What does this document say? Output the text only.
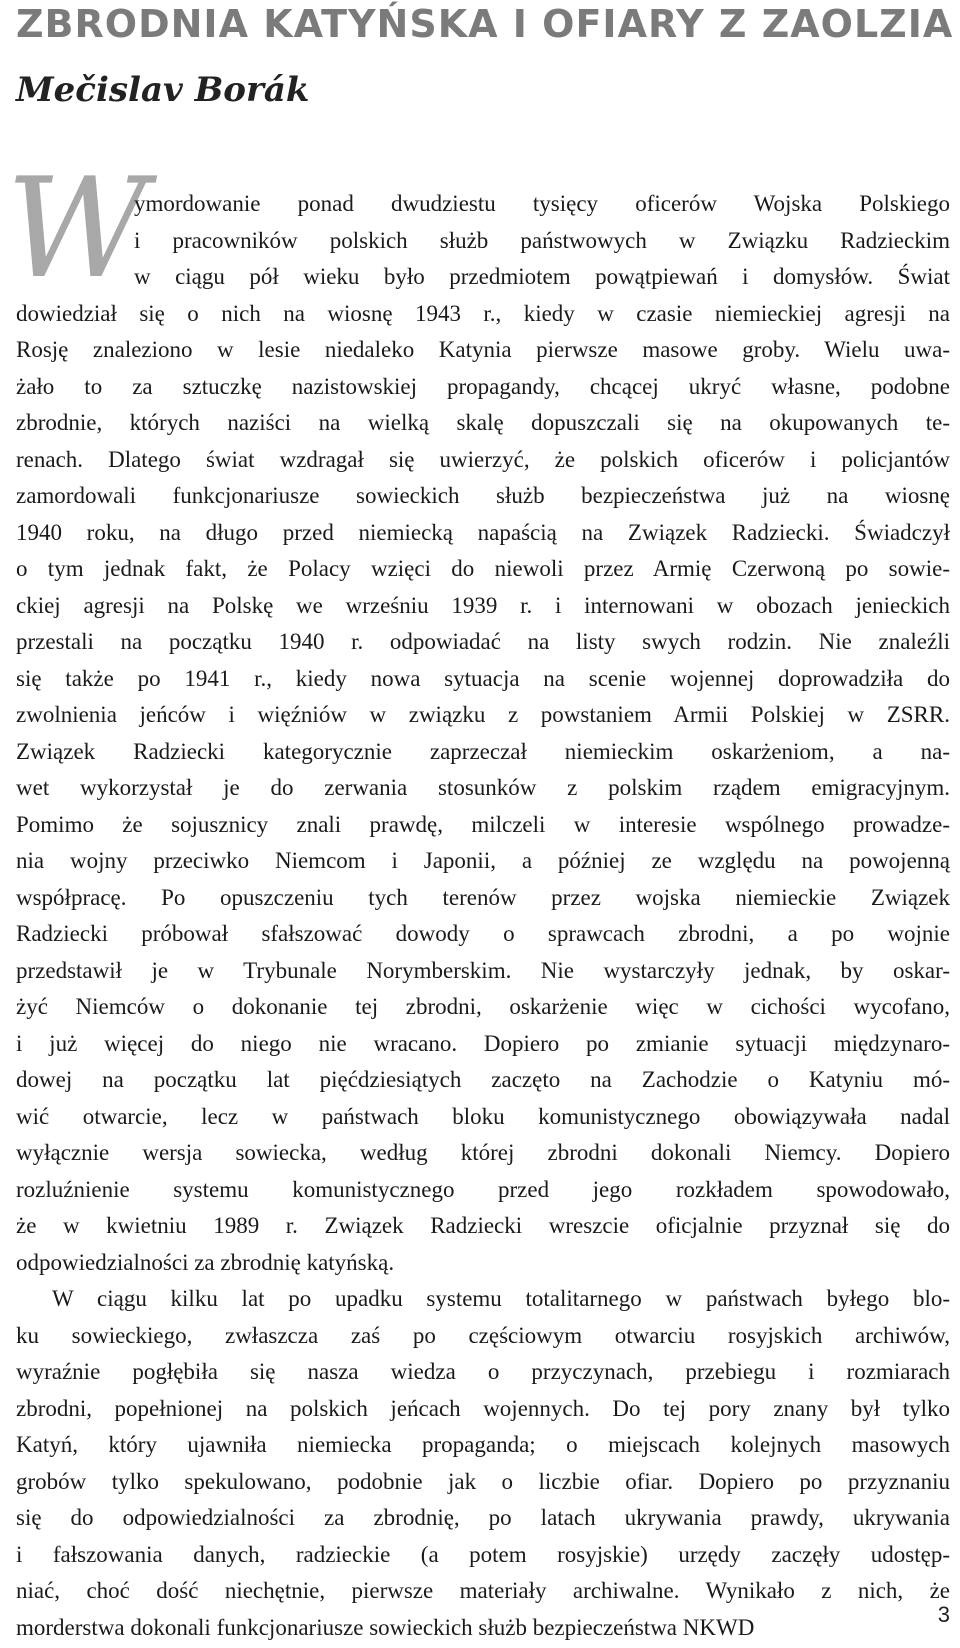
ZBRODNIA KATYŃSKA I OFIARY Z ZAOLZIA
Mečislav Borák
W
ymordowanie ponad dwudziestu tysięcy oficerów Wojska Polskiego
i pracowników polskich służb państwowych w Związku Radzieckim
w ciągu pół wieku było przedmiotem powątpiewań i domysłów. Świat
dowiedział się o nich na wiosnę 1943 r., kiedy w czasie niemieckiej agresji na
Rosję znaleziono w lesie niedaleko Katynia pierwsze masowe groby. Wielu uwa-
żało to za sztuczkę nazistowskiej propagandy, chcącej ukryć własne, podobne
zbrodnie, których naziści na wielką skalę dopuszczali się na okupowanych te-
renach. Dlatego świat wzdragał się uwierzyć, że polskich oficerów i policjantów
zamordowali funkcjonariusze sowieckich służb bezpieczeństwa już na wiosnę
1940 roku, na długo przed niemiecką napaścią na Związek Radziecki. Świadczył
o tym jednak fakt, że Polacy wzięci do niewoli przez Armię Czerwoną po sowie-
ckiej agresji na Polskę we wrześniu 1939 r. i internowani w obozach jenieckich
przestali na początku 1940 r. odpowiadać na listy swych rodzin. Nie znaleźli
się także po 1941 r., kiedy nowa sytuacja na scenie wojennej doprowadziła do
zwolnienia jeńców i więźniów w związku z powstaniem Armii Polskiej w ZSRR.
Związek Radziecki kategorycznie zaprzeczał niemieckim oskarżeniom, a na-
wet wykorzystał je do zerwania stosunków z polskim rządem emigracyjnym.
Pomimo że sojusznicy znali prawdę, milczeli w interesie wspólnego prowadze-
nia wojny przeciwko Niemcom i Japonii, a później ze względu na powojenną
współpracę. Po opuszczeniu tych terenów przez wojska niemieckie Związek
Radziecki próbował sfałszować dowody o sprawcach zbrodni, a po wojnie
przedstawił je w Trybunale Norymberskim. Nie wystarczyły jednak, by oskar-
żyć Niemców o dokonanie tej zbrodni, oskarżenie więc w cichości wycofano,
i już więcej do niego nie wracano. Dopiero po zmianie sytuacji międzynaro-
dowej na początku lat pięćdziesiątych zaczęto na Zachodzie o Katyniu mó-
wić otwarcie, lecz w państwach bloku komunistycznego obowiązywała nadal
wyłącznie wersja sowiecka, według której zbrodni dokonali Niemcy. Dopiero
rozluźnienie systemu komunistycznego przed jego rozkładem spowodowało,
że w kwietniu 1989 r. Związek Radziecki wreszcie oficjalnie przyznał się do
odpowiedzialności za zbrodnię katyńską.
W ciągu kilku lat po upadku systemu totalitarnego w państwach byłego blo-
ku sowieckiego, zwłaszcza zaś po częściowym otwarciu rosyjskich archiwów,
wyraźnie pogłębiła się nasza wiedza o przyczynach, przebiegu i rozmiarach
zbrodni, popełnionej na polskich jeńcach wojennych. Do tej pory znany był tylko
Katyń, który ujawniła niemiecka propaganda; o miejscach kolejnych masowych
grobów tylko spekulowano, podobnie jak o liczbie ofiar. Dopiero po przyznaniu
się do odpowiedzialności za zbrodnię, po latach ukrywania prawdy, ukrywania
i fałszowania danych, radzieckie (a potem rosyjskie) urzędy zaczęły udostęp-
niać, choć dość niechętnie, pierwsze materiały archiwalne. Wynikało z nich, że
morderstwa dokonali funkcjonariusze sowieckich służb bezpieczeństwa NKWD	3
